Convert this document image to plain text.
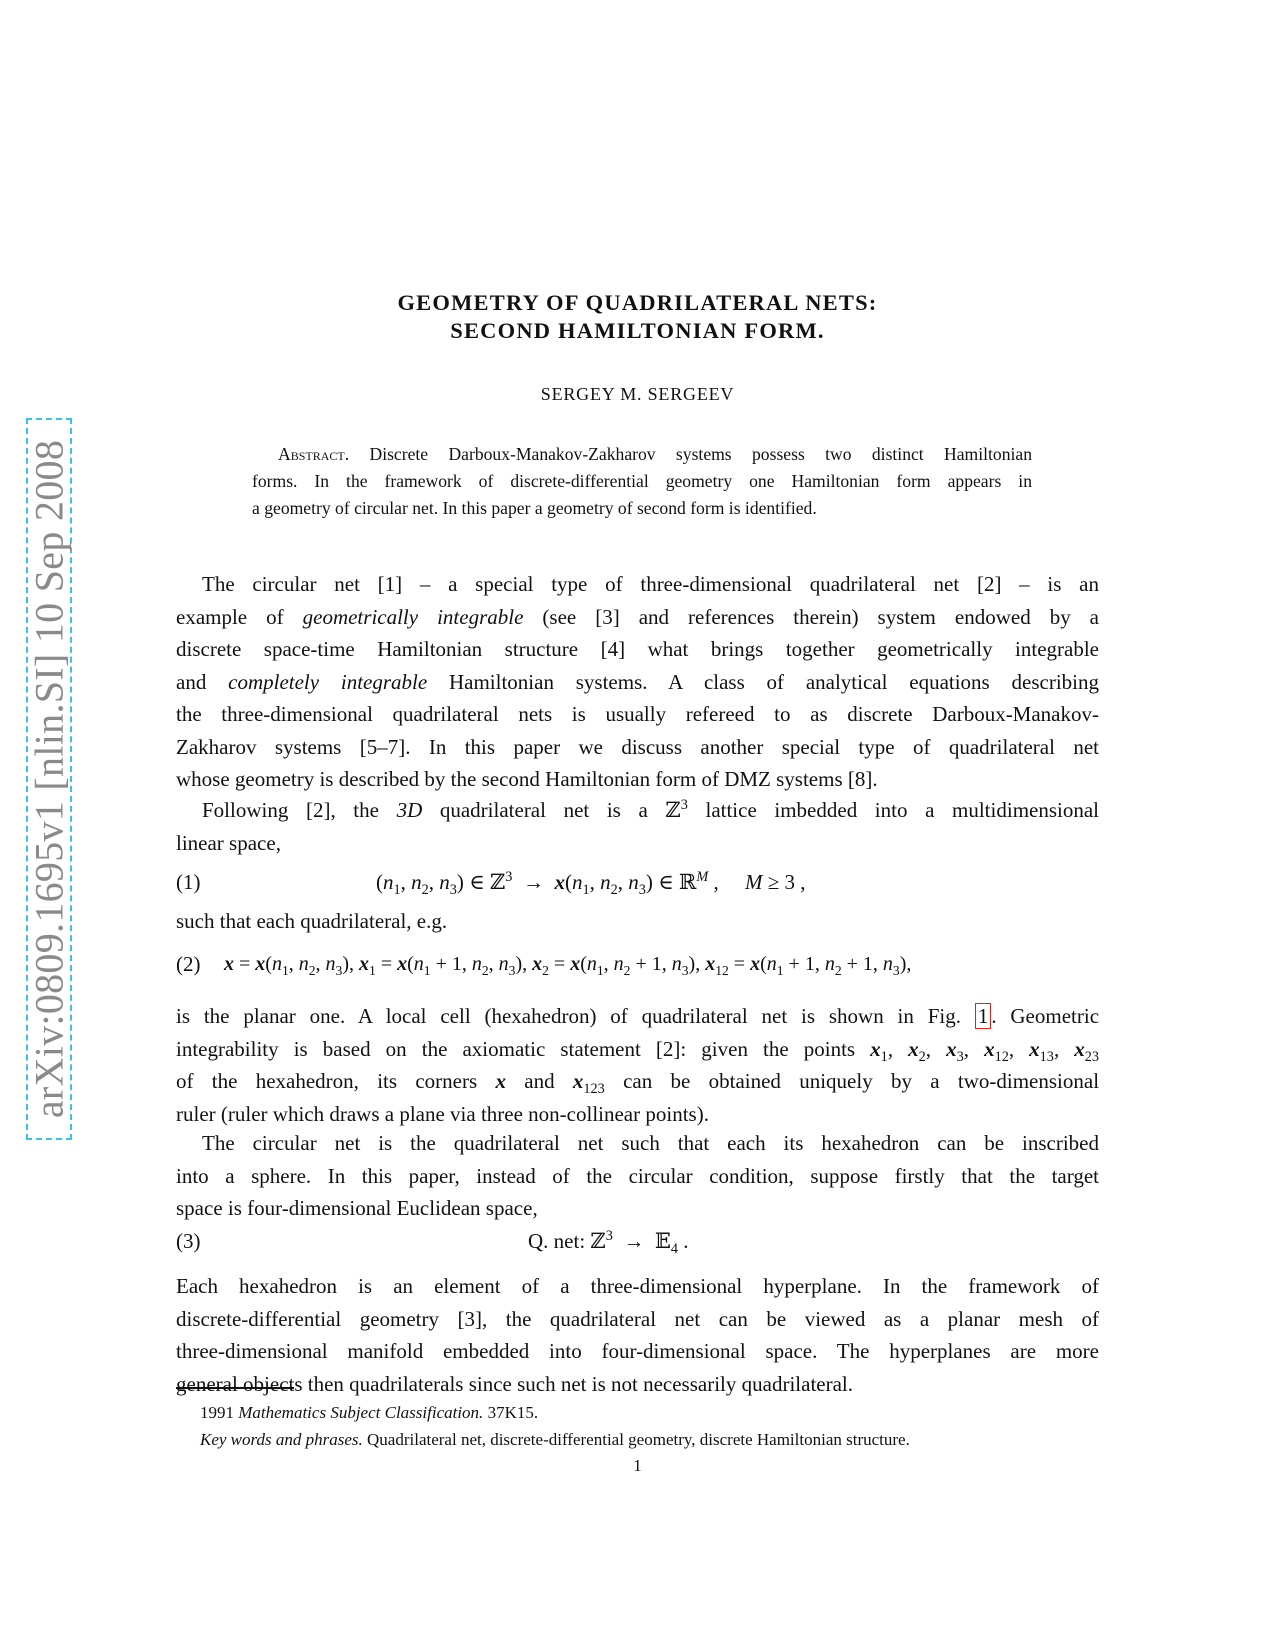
arXiv:0809.1695v1 [nlin.SI] 10 Sep 2008
GEOMETRY OF QUADRILATERAL NETS:
SECOND HAMILTONIAN FORM.
SERGEY M. SERGEEV
Abstract. Discrete Darboux-Manakov-Zakharov systems possess two distinct Hamiltonian
forms. In the framework of discrete-differential geometry one Hamiltonian form appears in
a geometry of circular net. In this paper a geometry of second form is identified.
The circular net [1] – a special type of three-dimensional quadrilateral net [2] – is an
example of geometrically integrable (see [3] and references therein) system endowed by a
discrete space-time Hamiltonian structure [4] what brings together geometrically integrable
and completely integrable Hamiltonian systems. A class of analytical equations describing
the three-dimensional quadrilateral nets is usually refereed to as discrete Darboux-Manakov-
Zakharov systems [5–7]. In this paper we discuss another special type of quadrilateral net
whose geometry is described by the second Hamiltonian form of DMZ systems [8].
Following [2], the 3D quadrilateral net is a ℤ$^3$ lattice imbedded into a multidimensional
linear space,
(1)	($n_1$, $n_2$, $n_3$) ∈ ℤ$^3$  →  $x(n_1$, $n_2$, $n_3$) ∈ ℝ$^M$ ,     M ≥ 3 ,
such that each quadrilateral, e.g.
(2) $x = x(n_1$, $n_2$, $n_3$), $x_1 = x(n_1 + 1$, $n_2$, $n_3$), $x_2 = x(n_1$, $n_2 + 1$, $n_3$), $x_{12} = x(n_1 + 1$, $n_2 + 1$, $n_3$),
is the planar one. A local cell (hexahedron) of quadrilateral net is shown in Fig. 1 . Geometric
integrability is based on the axiomatic statement [2]: given the points $x_1$, $x_2$, $x_3$, $x_{12}$, $x_{13}$, $x_{23}$
of the hexahedron, its corners x and $x_{123}$ can be obtained uniquely by a two-dimensional
ruler (ruler which draws a plane via three non-collinear points).
The circular net is the quadrilateral net such that each its hexahedron can be inscribed
into a sphere. In this paper, instead of the circular condition, suppose firstly that the target
space is four-dimensional Euclidean space,
(3)	Q. net: ℤ$^3$  →  𝔼$_4$ .
Each hexahedron is an element of a three-dimensional hyperplane. In the framework of
discrete-differential geometry [3], the quadrilateral net can be viewed as a planar mesh of
three-dimensional manifold embedded into four-dimensional space. The hyperplanes are more
general objects then quadrilaterals since such net is not necessarily quadrilateral.
1991 Mathematics Subject Classification. 37K15.
Key words and phrases. Quadrilateral net, discrete-differential geometry, discrete Hamiltonian structure.
1
